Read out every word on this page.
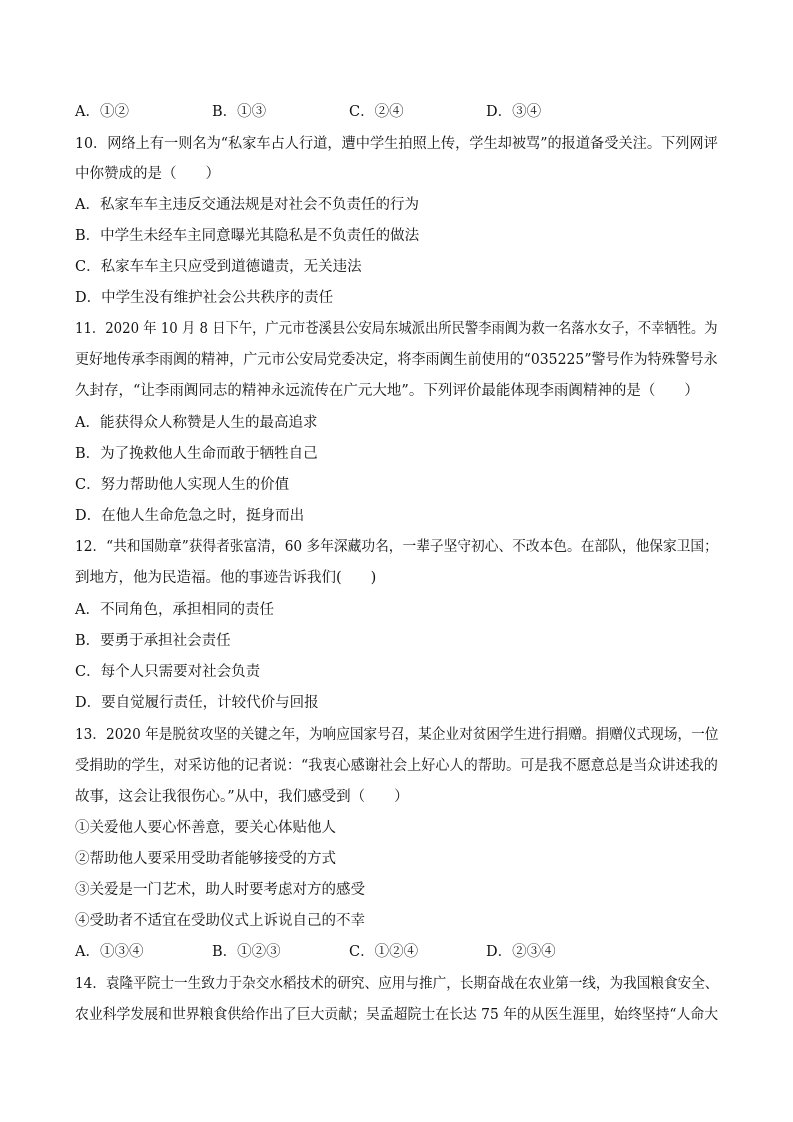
A．①②	B．①③	C．②④	D．③④
10．网络上有一则名为“私家车占人行道，遭中学生拍照上传，学生却被骂”的报道备受关注。下列网评
中你赞成的是（　　）
A．私家车车主违反交通法规是对社会不负责任的行为
B．中学生未经车主同意曝光其隐私是不负责任的做法
C．私家车车主只应受到道德谴责，无关违法
D．中学生没有维护社会公共秩序的责任
11．2020 年 10 月 8 日下午，广元市苍溪县公安局东城派出所民警李雨阗为救一名落水女子，不幸牺牲。为
更好地传承李雨阗的精神，广元市公安局党委决定，将李雨阗生前使用的“035225”警号作为特殊警号永
久封存，“让李雨阗同志的精神永远流传在广元大地”。下列评价最能体现李雨阗精神的是（　　）
A．能获得众人称赞是人生的最高追求
B．为了挽救他人生命而敢于牺牲自己
C．努力帮助他人实现人生的价值
D．在他人生命危急之时，挺身而出
12．“共和国勋章”获得者张富清，60 多年深藏功名，一辈子坚守初心、不改本色。在部队，他保家卫国；
到地方，他为民造福。他的事迹告诉我们(　　)
A．不同角色，承担相同的责任
B．要勇于承担社会责任
C．每个人只需要对社会负责
D．要自觉履行责任，计较代价与回报
13．2020 年是脱贫攻坚的关键之年，为响应国家号召，某企业对贫困学生进行捐赠。捐赠仪式现场，一位
受捐助的学生，对采访他的记者说：“我衷心感谢社会上好心人的帮助。可是我不愿意总是当众讲述我的
故事，这会让我很伤心。”从中，我们感受到（　　）
①关爱他人要心怀善意，要关心体贴他人
②帮助他人要采用受助者能够接受的方式
③关爱是一门艺术，助人时要考虑对方的感受
④受助者不适宜在受助仪式上诉说自己的不幸
A．①③④	B．①②③	C．①②④	D．②③④
14．袁隆平院士一生致力于杂交水稻技术的研究、应用与推广，长期奋战在农业第一线，为我国粮食安全、
农业科学发展和世界粮食供给作出了巨大贡献；吴孟超院士在长达 75 年的从医生涯里，始终坚持“人命大
